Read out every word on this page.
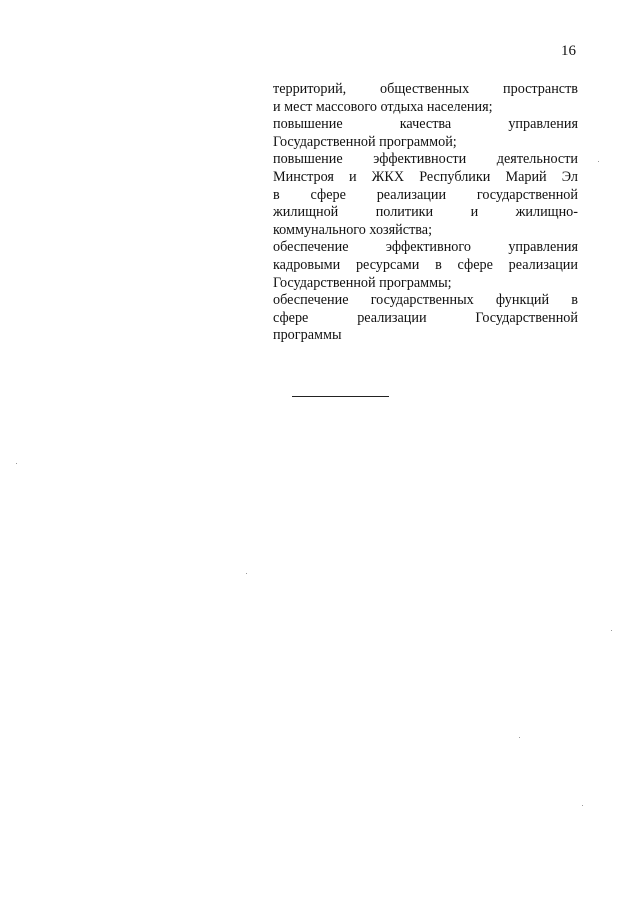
16
территорий, общественных пространств
и мест массового отдыха населения;
повышение качества управления
Государственной программой;
повышение эффективности деятельности
Минстроя и ЖКХ Республики Марий Эл
в сфере реализации государственной
жилищной политики и жилищно-
коммунального хозяйства;
обеспечение эффективного управления
кадровыми ресурсами в сфере реализации
Государственной программы;
обеспечение государственных функций в
сфере реализации Государственной
программы
